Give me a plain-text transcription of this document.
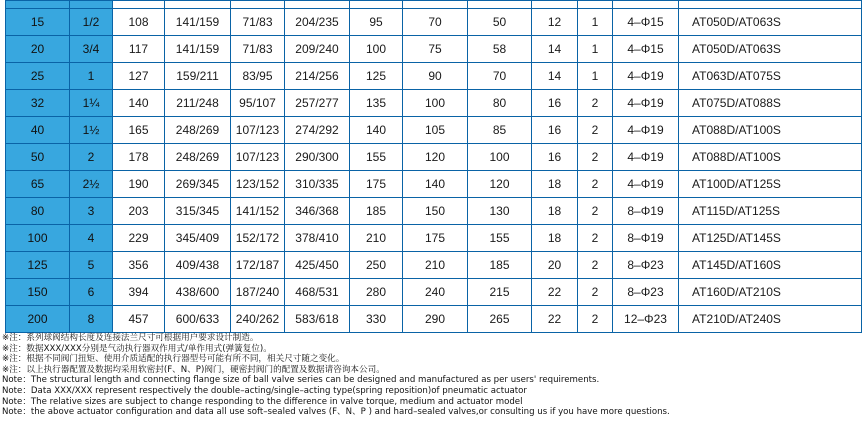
15	1/2	108	141/159	71/83	204/235	95	70	50	12	1	4–Φ15	AT050D/AT063S
20	3/4	117	141/159	71/83	209/240	100	75	58	14	1	4–Φ15	AT050D/AT063S
25	1	127	159/211	83/95	214/256	125	90	70	14	1	4–Φ19	AT063D/AT075S
32	1¼	140	211/248	95/107	257/277	135	100	80	16	2	4–Φ19	AT075D/AT088S
40	1½	165	248/269	107/123	274/292	140	105	85	16	2	4–Φ19	AT088D/AT100S
50	2	178	248/269	107/123	290/300	155	120	100	16	2	4–Φ19	AT088D/AT100S
65	2½	190	269/345	123/152	310/335	175	140	120	18	2	4–Φ19	AT100D/AT125S
80	3	203	315/345	141/152	346/368	185	150	130	18	2	8–Φ19	AT115D/AT125S
100	4	229	345/409	152/172	378/410	210	175	155	18	2	8–Φ19	AT125D/AT145S
125	5	356	409/438	172/187	425/450	250	210	185	20	2	8–Φ23	AT145D/AT160S
150	6	394	438/600	187/240	468/531	280	240	215	22	2	8–Φ23	AT160D/AT210S
200	8	457	600/633	240/262	583/618	330	290	265	22	2	12–Φ23	AT210D/AT240S
※注：系列球阀结构长度及连接法兰尺寸可根据用户要求设计制造。
※注：数据XXX/XXX分别是气动执行器双作用式/单作用式(弹簧复位)。
※注：根据不同阀门扭矩、使用介质适配的执行器型号可能有所不同，相关尺寸随之变化。
※注：以上执行器配置及数据均采用软密封(F、N、P)阀门，硬密封阀门的配置及数据请咨询本公司。
Note：The structural length and connecting flange size of ball valve series can be designed and manufactured as per users' requirements.
Note：Data XXX/XXX represent respectively the double–acting/single–acting type(spring reposition)of pneumatic actuator
Note：The relative sizes are subject to change responding to the difference in valve torque, medium and actuator model
Note：the above actuator configuration and data all use soft–sealed valves (F、N、P ) and hard–sealed valves,or consulting us if you have more questions.
